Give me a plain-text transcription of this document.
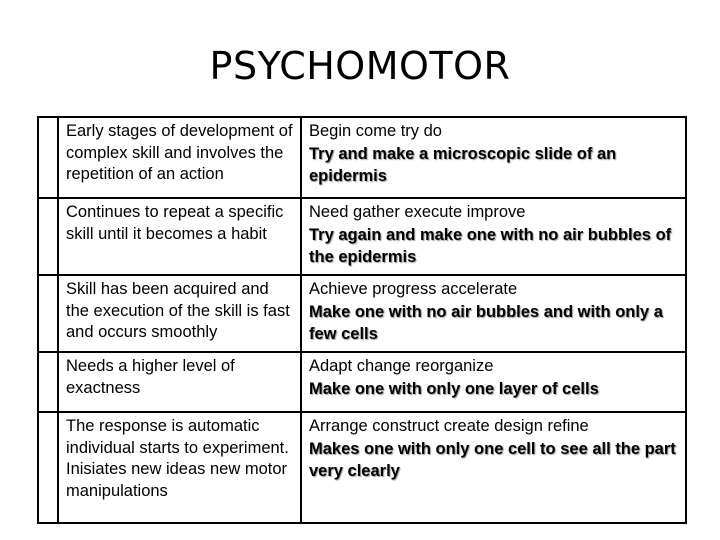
PSYCHOMOTOR
	Early stages of development of complex skill and involves the repetition of an action	Begin come try do
Try and make a microscopic slide of an epidermis

	Continues to repeat a specific skill until it becomes a habit	Need gather execute improve
Try again and make one with no air bubbles of the epidermis

	Skill has been acquired and the execution of the skill is fast and occurs smoothly	Achieve progress accelerate
Make one with no air bubbles and with only a few cells

	Needs a higher level of exactness	Adapt change reorganize
Make one with only one layer of cells

	The response is automatic individual starts to experiment. Inisiates new ideas new motor manipulations	Arrange construct create design refine
Makes one with only one cell to see all the part very clearly
